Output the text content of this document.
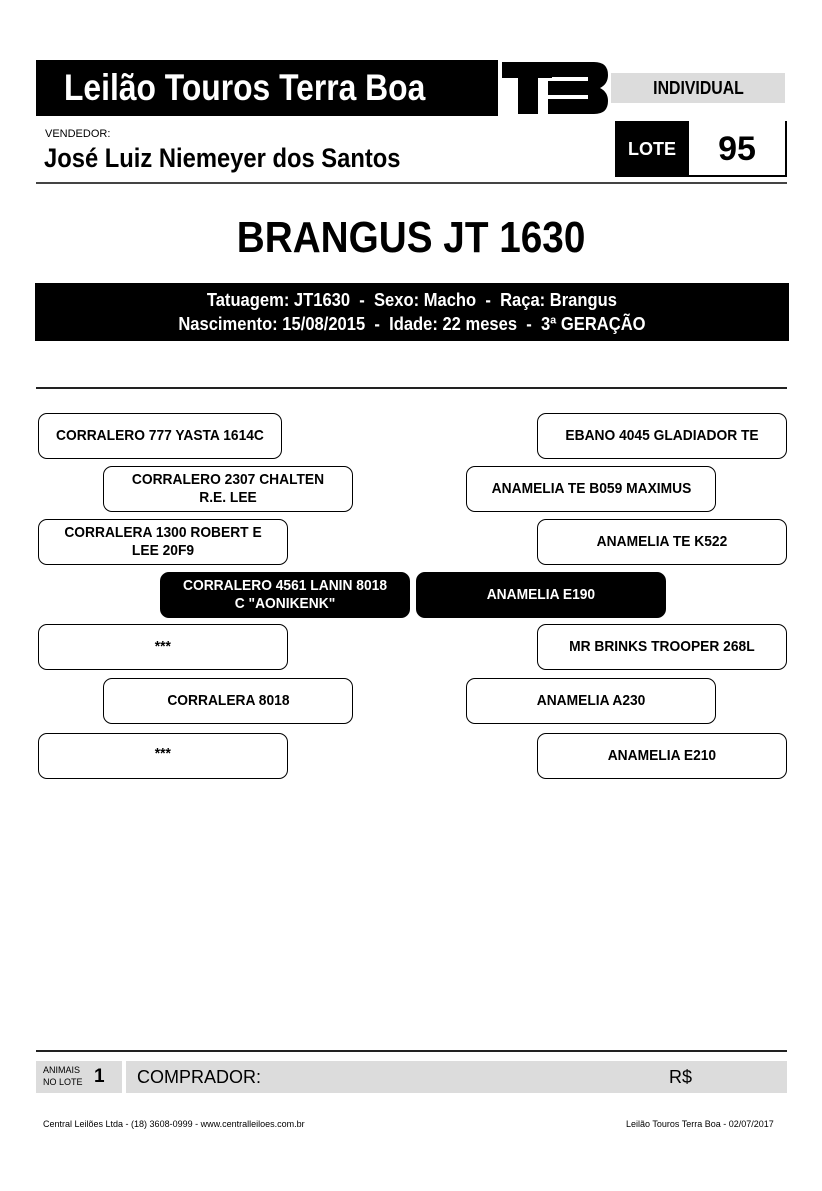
Leilão Touros Terra Boa	INDIVIDUAL
VENDEDOR:
José Luiz Niemeyer dos Santos	LOTE	95
BRANGUS JT 1630
Tatuagem: JT1630  -  Sexo: Macho  -  Raça: Brangus
Nascimento: 15/08/2015  -  Idade: 22 meses  -  3ª GERAÇÃO
CORRALERO 777 YASTA 1614C
CORRALERO 2307 CHALTEN R.E. LEE
CORRALERA 1300 ROBERT E LEE 20F9
CORRALERO 4561 LANIN 8018 C "AONIKENK"
***
CORRALERA 8018
***
EBANO 4045 GLADIADOR TE
ANAMELIA TE B059 MAXIMUS
ANAMELIA TE K522
ANAMELIA E190
MR BRINKS TROOPER 268L
ANAMELIA A230
ANAMELIA E210
ANIMAIS
NO LOTE 1 COMPRADOR:	R$
Central Leilões Ltda - (18) 3608-0999 - www.centralleiloes.com.br	Leilão Touros Terra Boa - 02/07/2017
